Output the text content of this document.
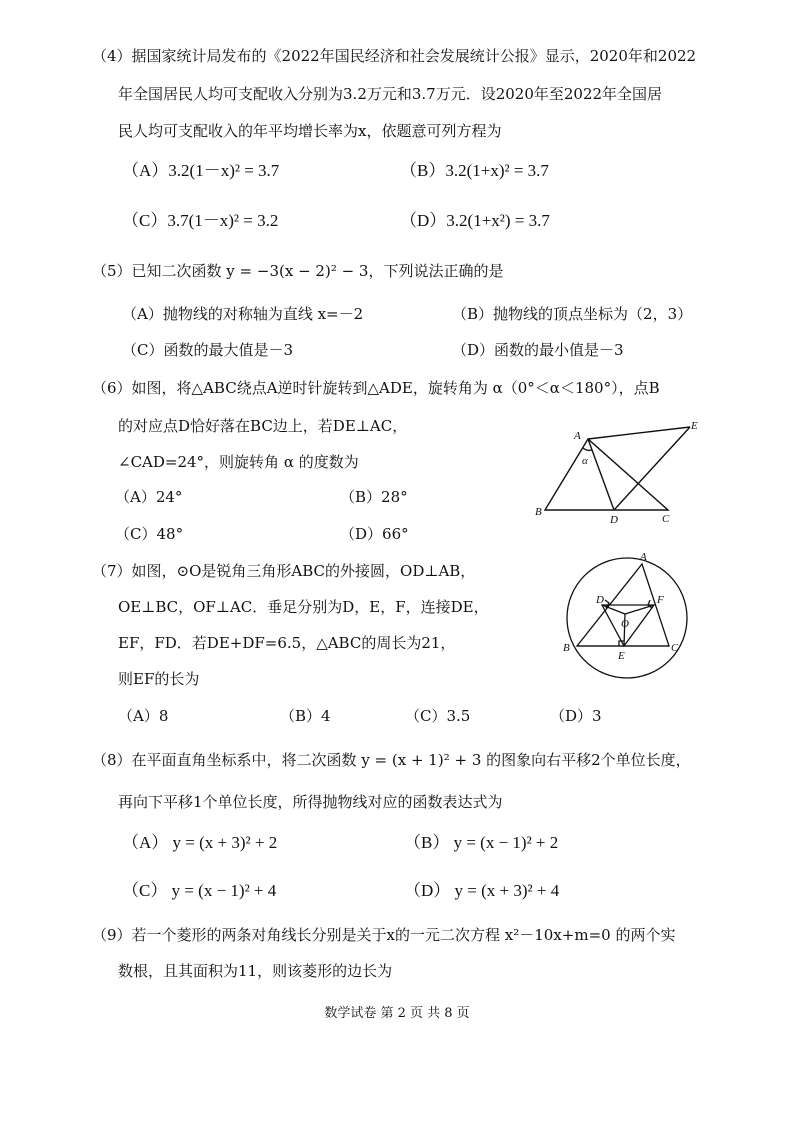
（4）据国家统计局发布的《2022年国民经济和社会发展统计公报》显示，2020年和2022
年全国居民人均可支配收入分别为3.2万元和3.7万元．设2020年至2022年全国居
民人均可支配收入的年平均增长率为x，依题意可列方程为
（A）3.2(1－x)² = 3.7	（B）3.2(1+x)² = 3.7
（C）3.7(1－x)² = 3.2	（D）3.2(1+x²) = 3.7
（5）已知二次函数 y = −3(x − 2)² − 3，下列说法正确的是
（A）抛物线的对称轴为直线 x=－2	（B）抛物线的顶点坐标为（2，3）
（C）函数的最大值是－3	（D）函数的最小值是－3
（6）如图，将△ABC绕点A逆时针旋转到△ADE，旋转角为 α（0°＜α＜180°），点B
的对应点D恰好落在BC边上，若DE⊥AC，
∠CAD=24°，则旋转角 α 的度数为
（A）24°	（B）28°
（C）48°	（D）66°
A
B
C
D
E
α
（7）如图，⊙O是锐角三角形ABC的外接圆，OD⊥AB，
OE⊥BC，OF⊥AC．垂足分别为D，E，F，连接DE，
EF，FD．若DE+DF=6.5，△ABC的周长为21，
则EF的长为
（A）8	（B）4	（C）3.5	（D）3
A
B	C
D
E
F
O
（8）在平面直角坐标系中，将二次函数 y = (x + 1)² + 3 的图象向右平移2个单位长度，
再向下平移1个单位长度，所得抛物线对应的函数表达式为
（A） y = (x + 3)² + 2	（B） y = (x − 1)² + 2
（C） y = (x − 1)² + 4	（D） y = (x + 3)² + 4
（9）若一个菱形的两条对角线长分别是关于x的一元二次方程 x²－10x+m=0 的两个实
数根，且其面积为11，则该菱形的边长为
数学试卷 第 2 页 共 8 页
